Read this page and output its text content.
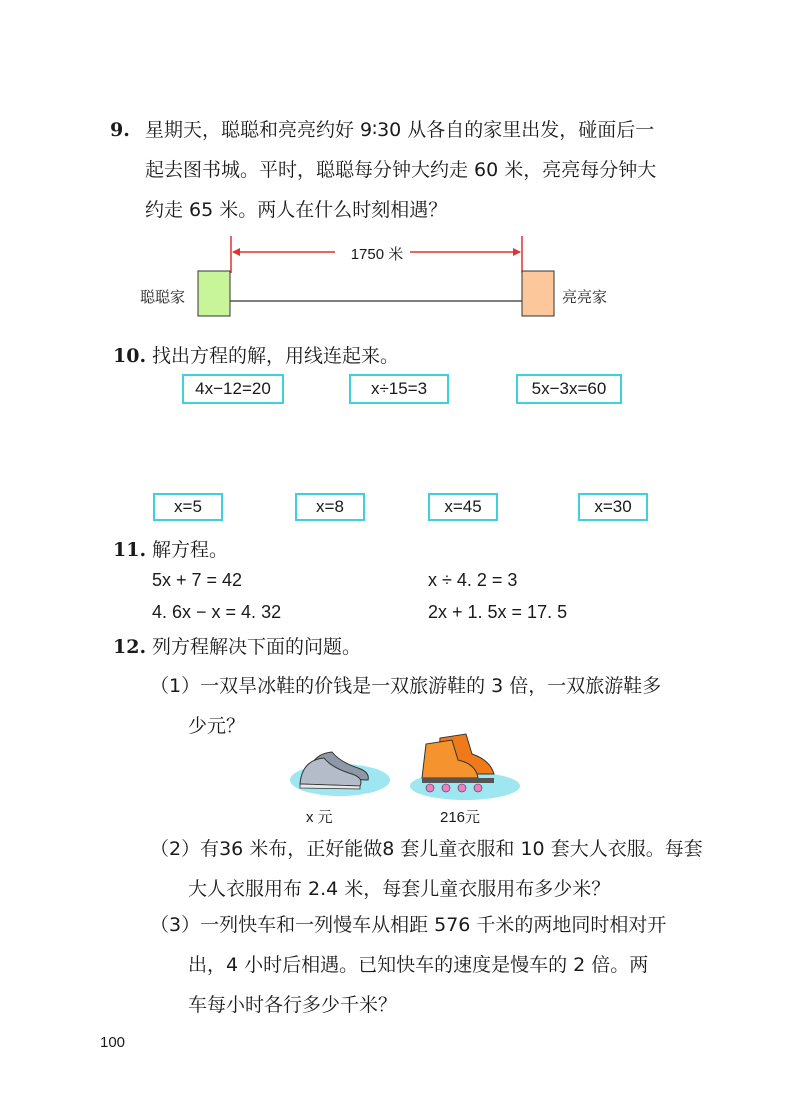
9. 星期天，聪聪和亮亮约好 9∶30 从各自的家里出发，碰面后一
起去图书城。平时，聪聪每分钟大约走 60 米，亮亮每分钟大
约走 65 米。两人在什么时刻相遇？
1750 米
聪聪家	亮亮家
10. 找出方程的解，用线连起来。
4x−12=20	x÷15=3	5x−3x=60
x=5	x=8	x=45	x=30
11. 解方程。
5x + 7 = 42	x ÷ 4. 2 = 3
4. 6x − x = 4. 32	2x + 1. 5x = 17. 5
12. 列方程解决下面的问题。
（1）一双旱冰鞋的价钱是一双旅游鞋的 3 倍，一双旅游鞋多
少元？
x 元	216元
（2）有36 米布，正好能做8 套儿童衣服和 10 套大人衣服。每套
大人衣服用布 2.4 米，每套儿童衣服用布多少米？
（3）一列快车和一列慢车从相距 576 千米的两地同时相对开
出，4 小时后相遇。已知快车的速度是慢车的 2 倍。两
车每小时各行多少千米？
100
